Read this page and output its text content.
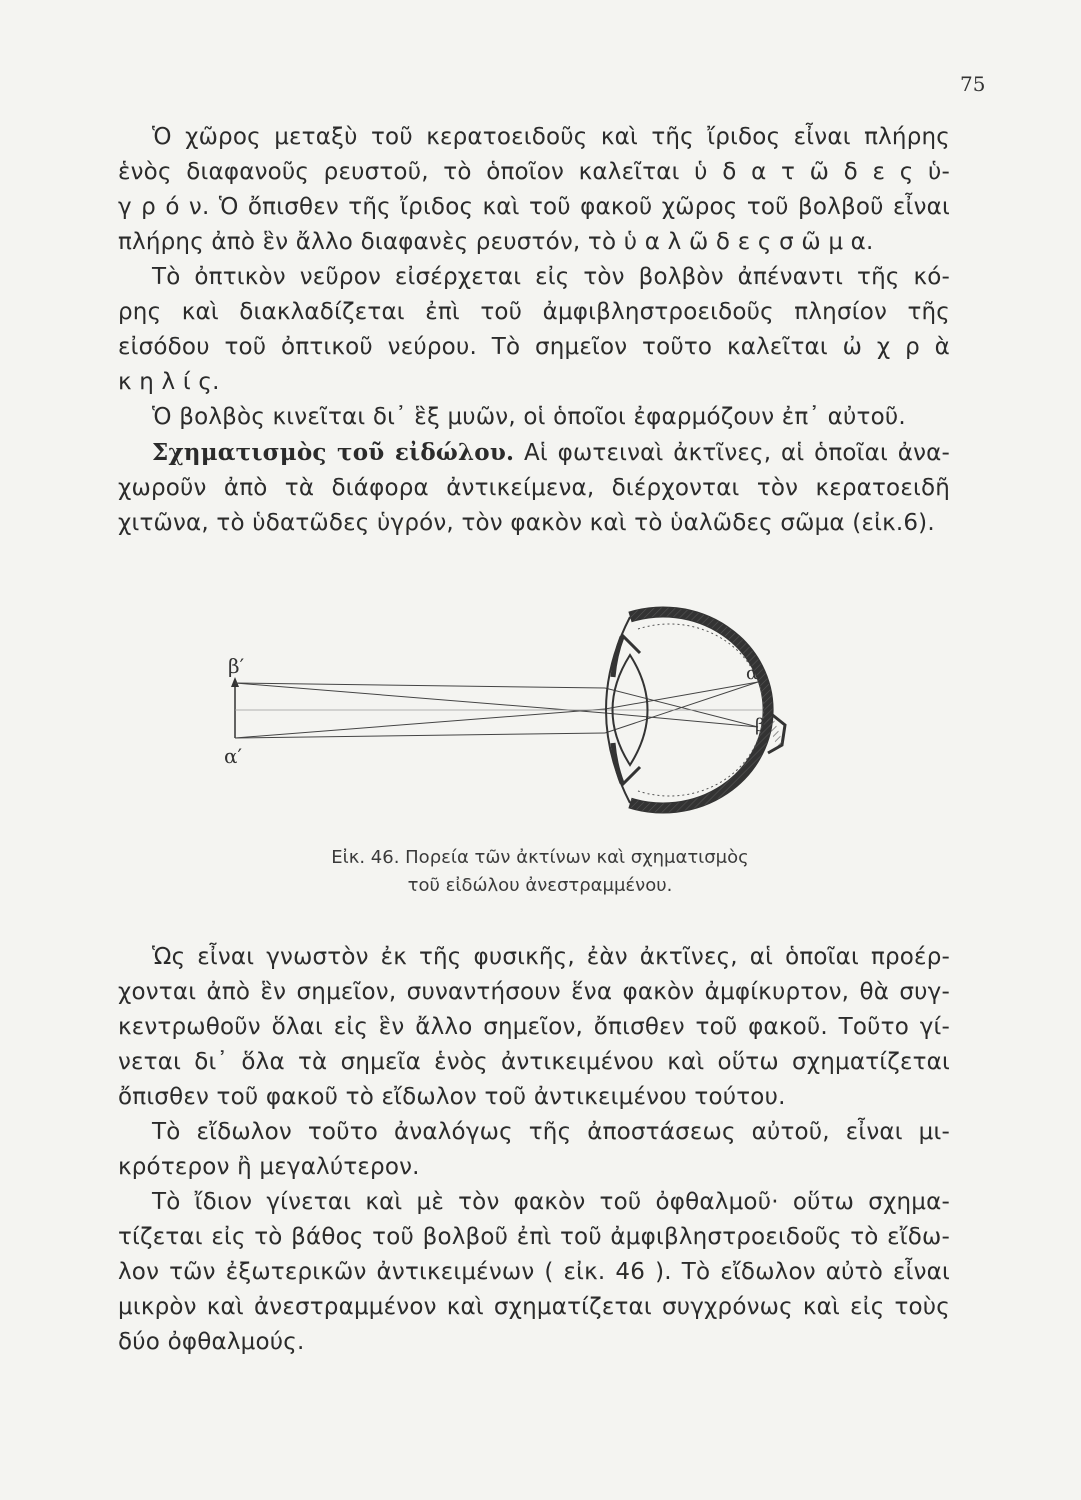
75
Ὁ χῶρος μεταξὺ τοῦ κερατοειδοῦς καὶ τῆς ἴριδος εἶναι πλήρης
ἑνὸς διαφανοῦς ρευστοῦ, τὸ ὁποῖον καλεῖται ὑ δ α τ ῶ δ ε ς ὑ-
γ ρ ό ν. Ὁ ὄπισθεν τῆς ἴριδος καὶ τοῦ φακοῦ χῶρος τοῦ βολβοῦ εἶναι
πλήρης ἀπὸ ἓν ἄλλο διαφανὲς ρευστόν, τὸ ὑ α λ ῶ δ ε ς σ ῶ μ α.
Τὸ ὀπτικὸν νεῦρον εἰσέρχεται εἰς τὸν βολβὸν ἀπέναντι τῆς κό-
ρης καὶ διακλαδίζεται ἐπὶ τοῦ ἀμφιβληστροειδοῦς πλησίον τῆς
εἰσόδου τοῦ ὀπτικοῦ νεύρου. Τὸ σημεῖον τοῦτο καλεῖται ὠ χ ρ ὰ
κ η λ ί ς.
Ὁ βολβὸς κινεῖται δι᾽ ἓξ μυῶν, οἱ ὁποῖοι ἐφαρμόζουν ἐπ᾽ αὐτοῦ.
Σχηματισμὸς τοῦ εἰδώλου. Αἱ φωτειναὶ ἀκτῖνες, αἱ ὁποῖαι ἀνα-
χωροῦν ἀπὸ τὰ διάφορα ἀντικείμενα, διέρχονται τὸν κερατοειδῆ
χιτῶνα, τὸ ὑδατῶδες ὑγρόν, τὸν φακὸν καὶ τὸ ὑαλῶδες σῶμα (εἰκ.6).
β′
α′
α
β
Εἰκ. 46. Πορεία τῶν ἀκτίνων καὶ σχηματισμὸς
τοῦ εἰδώλου ἀνεστραμμένου.
Ὡς εἶναι γνωστὸν ἐκ τῆς φυσικῆς, ἐὰν ἀκτῖνες, αἱ ὁποῖαι προέρ-
χονται ἀπὸ ἓν σημεῖον, συναντήσουν ἕνα φακὸν ἀμφίκυρτον, θὰ συγ-
κεντρωθοῦν ὅλαι εἰς ἓν ἄλλο σημεῖον, ὄπισθεν τοῦ φακοῦ. Τοῦτο γί-
νεται δι᾽ ὅλα τὰ σημεῖα ἑνὸς ἀντικειμένου καὶ οὕτω σχηματίζεται
ὄπισθεν τοῦ φακοῦ τὸ εἴδωλον τοῦ ἀντικειμένου τούτου.
Τὸ εἴδωλον τοῦτο ἀναλόγως τῆς ἀποστάσεως αὐτοῦ, εἶναι μι-
κρότερον ἢ μεγαλύτερον.
Τὸ ἴδιον γίνεται καὶ μὲ τὸν φακὸν τοῦ ὀφθαλμοῦ· οὕτω σχημα-
τίζεται εἰς τὸ βάθος τοῦ βολβοῦ ἐπὶ τοῦ ἀμφιβληστροειδοῦς τὸ εἴδω-
λον τῶν ἐξωτερικῶν ἀντικειμένων ( εἰκ. 46 ). Τὸ εἴδωλον αὐτὸ εἶναι
μικρὸν καὶ ἀνεστραμμένον καὶ σχηματίζεται συγχρόνως καὶ εἰς τοὺς
δύο ὀφθαλμούς.
